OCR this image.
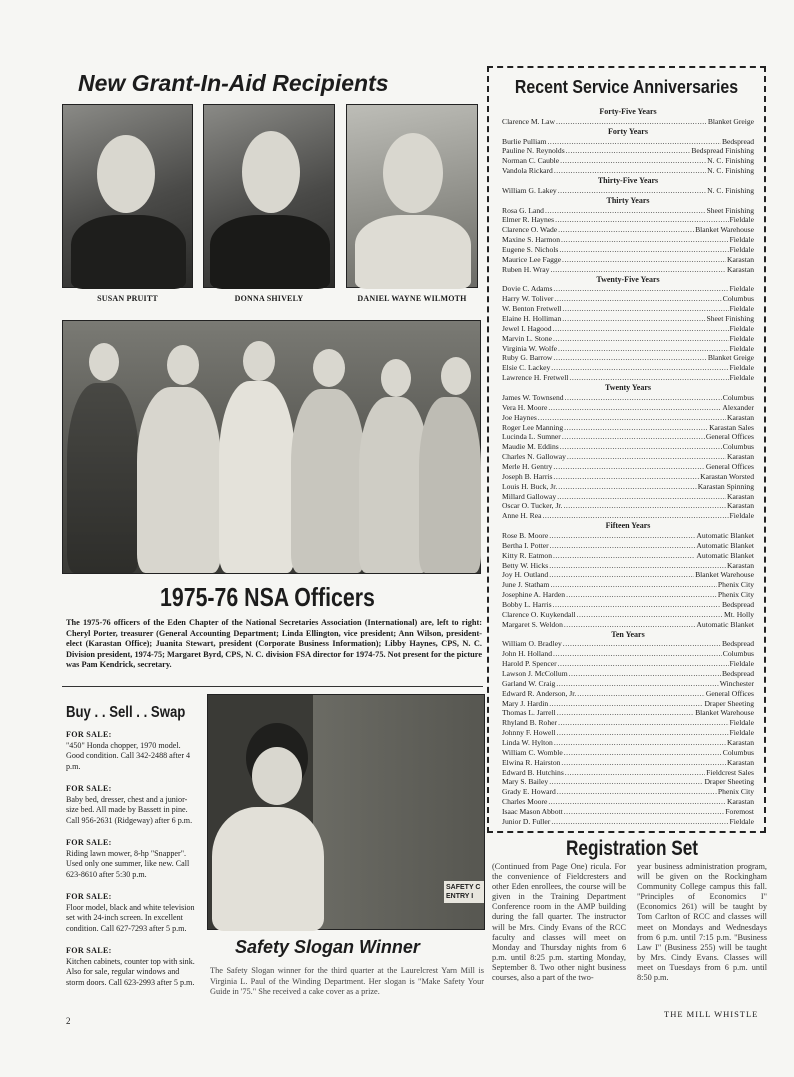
New Grant-In-Aid Recipients
SUSAN PRUITT	DONNA SHIVELY	DANIEL WAYNE WILMOTH
1975-76 NSA Officers
The 1975-76 officers of the Eden Chapter of the National Secretaries Association (International) are, left to right: Cheryl Porter, treasurer (General Accounting Department; Linda Ellington, vice president; Ann Wilson, president-elect (Karastan Office); Juanita Stewart, president (Corporate Business Information); Libby Haynes, CPS, N. C. Division president, 1974-75; Margaret Byrd, CPS, N. C. division FSA director for 1974-75. Not present for the picture was Pam Kendrick, secretary.
Recent Service Anniversaries
Forty-Five Years
Clarence M. Law .....	Blanket Greige
Forty Years
Burlie Pulliam .....	Bedspread
Pauline N. Reynolds .....	Bedspread Finishing
Norman C. Cauble .....	N. C. Finishing
Vandola Rickard .....	N. C. Finishing
Thirty-Five Years
William G. Lakey .....	N. C. Finishing
Thirty Years
Rosa G. Land .....	Sheet Finishing
Elmer R. Haynes .....	Fieldale
Clarence O. Wade .....	Blanket Warehouse
Maxine S. Harmon .....	Fieldale
Eugene S. Nichols .....	Fieldale
Maurice Lee Fagge .....	Karastan
Ruben H. Wray .....	Karastan
Twenty-Five Years
Dovie C. Adams .....	Fieldale
Harry W. Toliver .....	Columbus
W. Benton Fretwell .....	Fieldale
Elaine H. Holliman .....	Sheet Finishing
Jewel I. Hagood .....	Fieldale
Marvin L. Stone .....	Fieldale
Virginia W. Wolfe .....	Fieldale
Ruby G. Barrow .....	Blanket Greige
Elsie C. Lackey .....	Fieldale
Lawrence H. Fretwell .....	Fieldale
Twenty Years
James W. Townsend .....	Columbus
Vera H. Moore .....	Alexander
Joe Haynes .....	Karastan
Roger Lee Manning .....	Karastan Sales
Lucinda L. Sumner .....	General Offices
Maudie M. Eddins .....	Columbus
Charles N. Galloway .....	Karastan
Merle H. Gentry .....	General Offices
Joseph B. Harris .....	Karastan Worsted
Louis H. Buck, Jr. .....	Karastan Spinning
Millard Galloway .....	Karastan
Oscar O. Tucker, Jr. .....	Karastan
Anne H. Rea .....	Fieldale
Fifteen Years
Rose B. Moore .....	Automatic Blanket
Bertha I. Potter .....	Automatic Blanket
Kitty R. Eatmon .....	Automatic Blanket
Betty W. Hicks .....	Karastan
Joy H. Outland .....	Blanket Warehouse
June J. Statham .....	Phenix City
Josephine A. Harden .....	Phenix City
Bobby L. Harris .....	Bedspread
Clarence O. Kuykendall .....	Mt. Holly
Margaret S. Weldon .....	Automatic Blanket
Ten Years
William O. Bradley .....	Bedspread
John H. Holland .....	Columbus
Harold P. Spencer .....	Fieldale
Lawson J. McCollum .....	Bedspread
Garland W. Craig .....	Winchester
Edward R. Anderson, Jr. .....	General Offices
Mary J. Hardin .....	Draper Sheeting
Thomas L. Jarrell .....	Blanket Warehouse
Rhyland B. Roher .....	Fieldale
Johnny F. Howell .....	Fieldale
Linda W. Hylton .....	Karastan
William C. Womble .....	Columbus
Elwina R. Hairston .....	Karastan
Edward B. Hutchins .....	Fieldcrest Sales
Mary S. Bailey .....	Draper Sheeting
Grady E. Howard .....	Phenix City
Charles Moore .....	Karastan
Isaac Mason Abbott .....	Foremost
Junior D. Fuller .....	Fieldale
Buy . . Sell . . Swap
FOR SALE:
"450" Honda chopper, 1970 model. Good condition. Call 342-2488 after 4 p.m.
FOR SALE:
Baby bed, dresser, chest and a junior-size bed. All made by Bassett in pine. Call 956-2631 (Ridgeway) after 6 p.m.
FOR SALE:
Riding lawn mower, 8-hp "Snapper". Used only one summer, like new. Call 623-8610 after 5:30 p.m.
FOR SALE:
Floor model, black and white television set with 24-inch screen. In excellent condition. Call 627-7293 after 5 p.m.
FOR SALE:
Kitchen cabinets, counter top with sink. Also for sale, regular windows and storm doors. Call 623-2993 after 5 p.m.
SAFETY C ENTRY I
Safety Slogan Winner
The Safety Slogan winner for the third quarter at the Laurelcrest Yarn Mill is Virginia L. Paul of the Winding Department. Her slogan is "Make Safety Your Guide in '75." She received a cake cover as a prize.
Registration Set
(Continued from Page One) ricula. For the convenience of Fieldcresters and other Eden enrollees, the course will be given in the Training Department Conference room in the AMP building during the fall quarter. The instructor will be Mrs. Cindy Evans of the RCC faculty and classes will meet on Monday and Thursday nights from 6 p.m. until 8:25 p.m. starting Monday, September 8. Two other night business courses, also a part of the two-
year business administration program, will be given on the Rockingham Community College campus this fall. "Principles of Economics I" (Economics 261) will be taught by Tom Carlton of RCC and classes will meet on Mondays and Wednesdays from 6 p.m. until 7:15 p.m. "Business Law I" (Business 255) will be taught by Mrs. Cindy Evans. Classes will meet on Tuesdays from 6 p.m. until 8:50 p.m.
2
THE MILL WHISTLE
